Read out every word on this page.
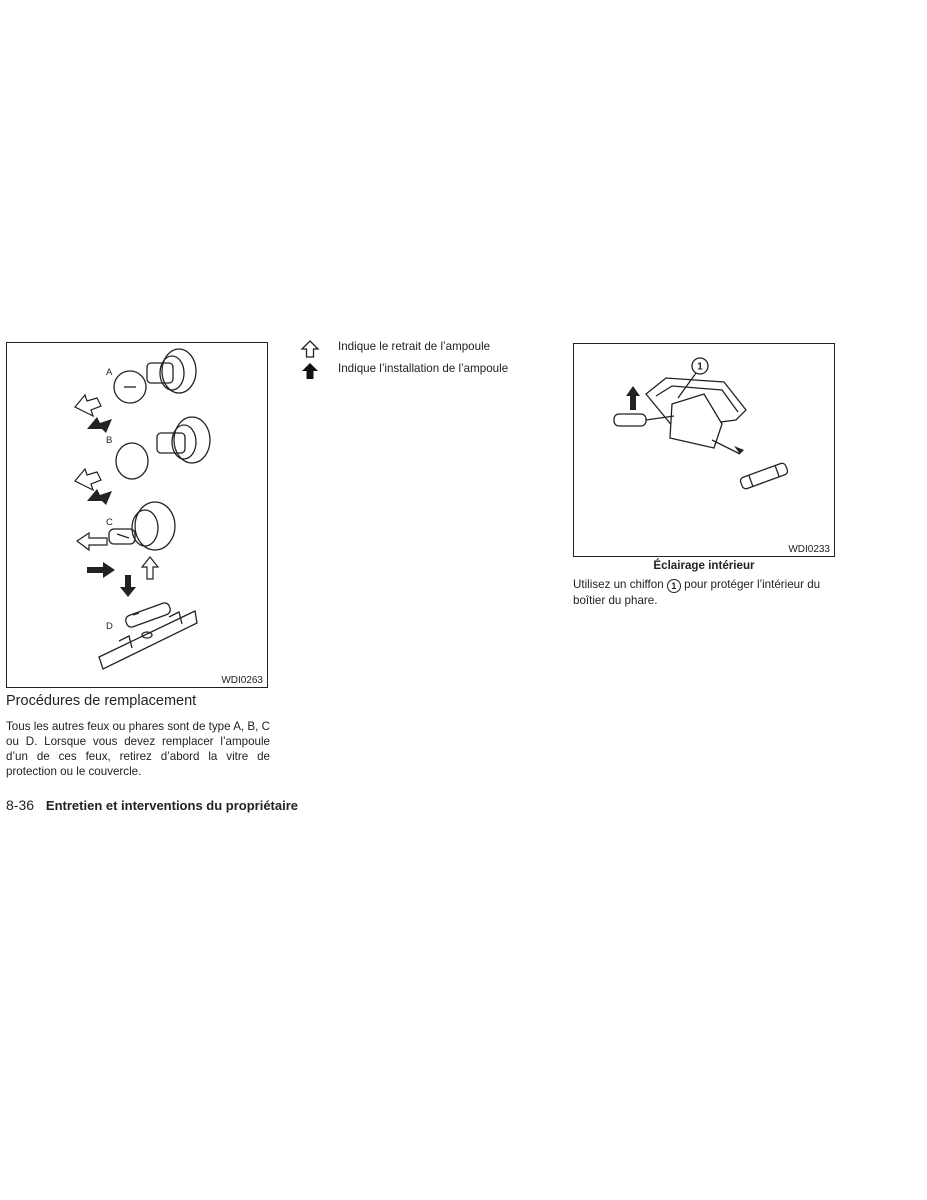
A
B
C
D
WDI0263
Indique le retrait de l’ampoule
Indique l’installation de l’ampoule	1
WDI0233
Éclairage intérieur
Utilisez un chiffon 1 pour protéger l’intérieur du boîtier du phare.
Procédures de remplacement
Tous les autres feux ou phares sont de type A, B, C ou D. Lorsque vous devez remplacer l’ampoule d’un de ces feux, retirez d’abord la vitre de protection ou le couvercle.
8-36 Entretien et interventions du propriétaire
